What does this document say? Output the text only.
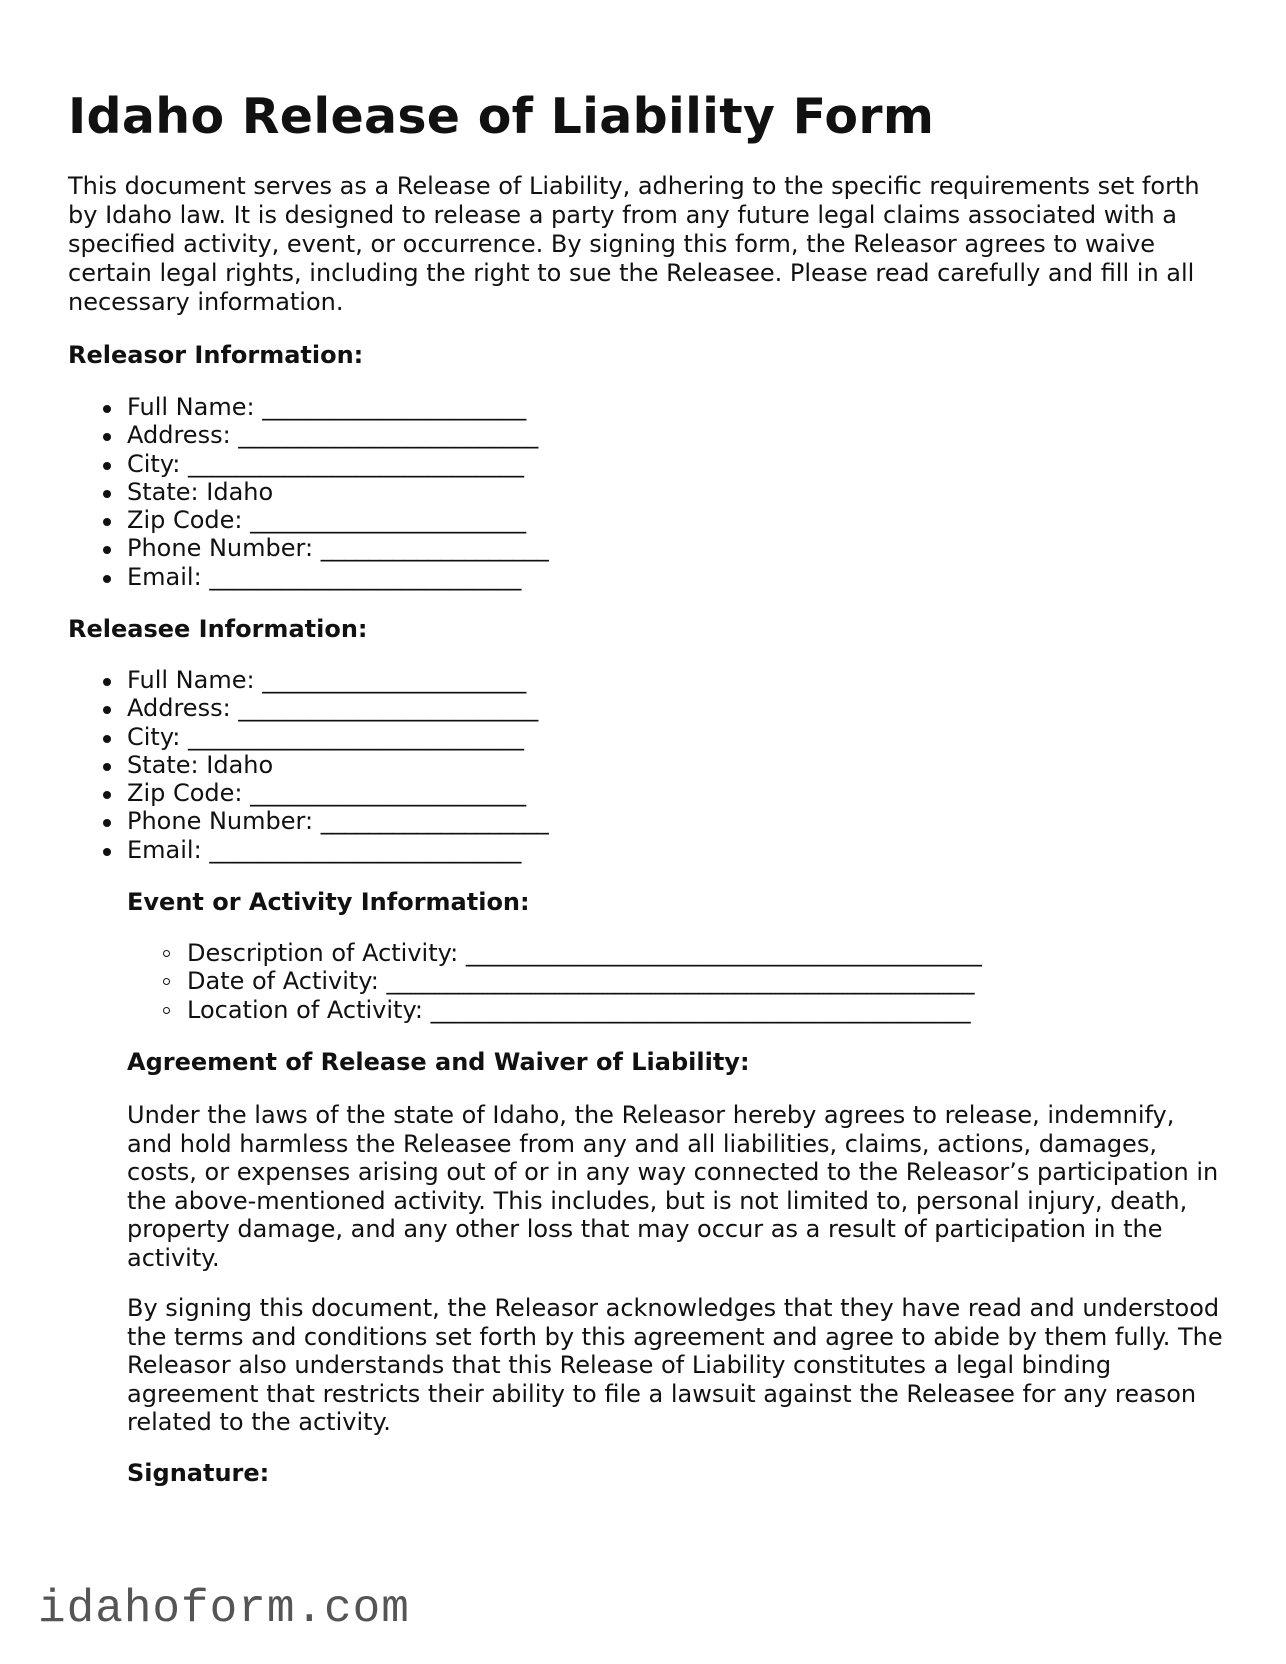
Idaho Release of Liability Form

This document serves as a Release of Liability, adhering to the specific requirements set forth by Idaho law. It is designed to release a party from any future legal claims associated with a specified activity, event, or occurrence. By signing this form, the Releasor agrees to waive certain legal rights, including the right to sue the Releasee. Please read carefully and fill in all necessary information.

Releasor Information:
Full Name: ______________________
Address: _________________________
City: ____________________________
State: Idaho
Zip Code: _______________________
Phone Number: ___________________
Email: __________________________
Releasee Information:
Full Name: ______________________
Address: _________________________
City: ____________________________
State: Idaho
Zip Code: _______________________
Phone Number: ___________________
Email: __________________________
Event or Activity Information:
Description of Activity: ___________________________________________
Date of Activity: _________________________________________________
Location of Activity: _____________________________________________
Agreement of Release and Waiver of Liability:

Under the laws of the state of Idaho, the Releasor hereby agrees to release, indemnify, and hold harmless the Releasee from any and all liabilities, claims, actions, damages, costs, or expenses arising out of or in any way connected to the Releasor’s participation in the above-mentioned activity. This includes, but is not limited to, personal injury, death, property damage, and any other loss that may occur as a result of participation in the activity.

By signing this document, the Releasor acknowledges that they have read and understood the terms and conditions set forth by this agreement and agree to abide by them fully. The Releasor also understands that this Release of Liability constitutes a legal binding agreement that restricts their ability to file a lawsuit against the Releasee for any reason related to the activity.

Signature:
idahoform.com
